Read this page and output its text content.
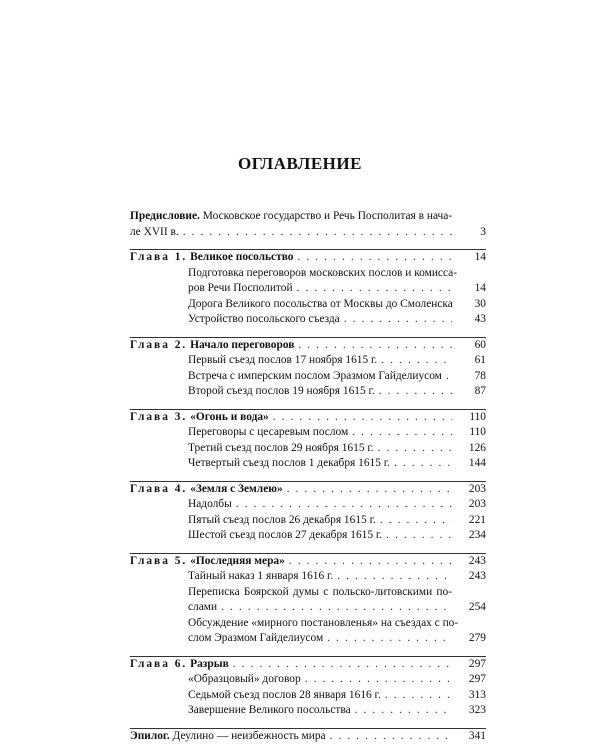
ОГЛАВЛЕНИЕ
Предисловие. Московское государство и Речь Посполитая в нача-
ле XVII в. . . .	3
Глава 1. Великое посольство . . .	14
Подготовка переговоров московских послов и комисса-
ров Речи Посполитой . . .	14
Дорога Великого посольства от Москвы до Смоленска	30
Устройство посольского съезда . . .	43
Глава 2. Начало переговоров . . .	60
Первый съезд послов 17 ноября 1615 г. . . .	61
Встреча с имперским послом Эразмом Гайделиусом . . .	78
Второй съезд послов 19 ноября 1615 г. . . .	87
Глава 3. «Огонь и вода» . . .	110
Переговоры с цесаревым послом . . .	110
Третий съезд послов 29 ноября 1615 г. . . .	126
Четвертый съезд послов 1 декабря 1615 г. . . .	144
Глава 4. «Земля с Землею» . . .	203
Надолбы . . .	203
Пятый съезд послов 26 декабря 1615 г. . . .	221
Шестой съезд послов 27 декабря 1615 г. . . .	234
Глава 5. «Последняя мера» . . .	243
Тайный наказ 1 января 1616 г. . . .	243
Переписка Боярской думы с польско-литовскими по-
слами . . .	254
Обсуждение «мирного постановленья» на съездах с по-
слом Эразмом Гайделиусом . . .	279
Глава 6. Разрыв . . .	297
«Образцовый» договор . . .	297
Седьмой съезд послов 28 января 1616 г. . . .	313
Завершение Великого посольства . . .	323
Эпилог. Деулино — неизбежность мира . . .	341
